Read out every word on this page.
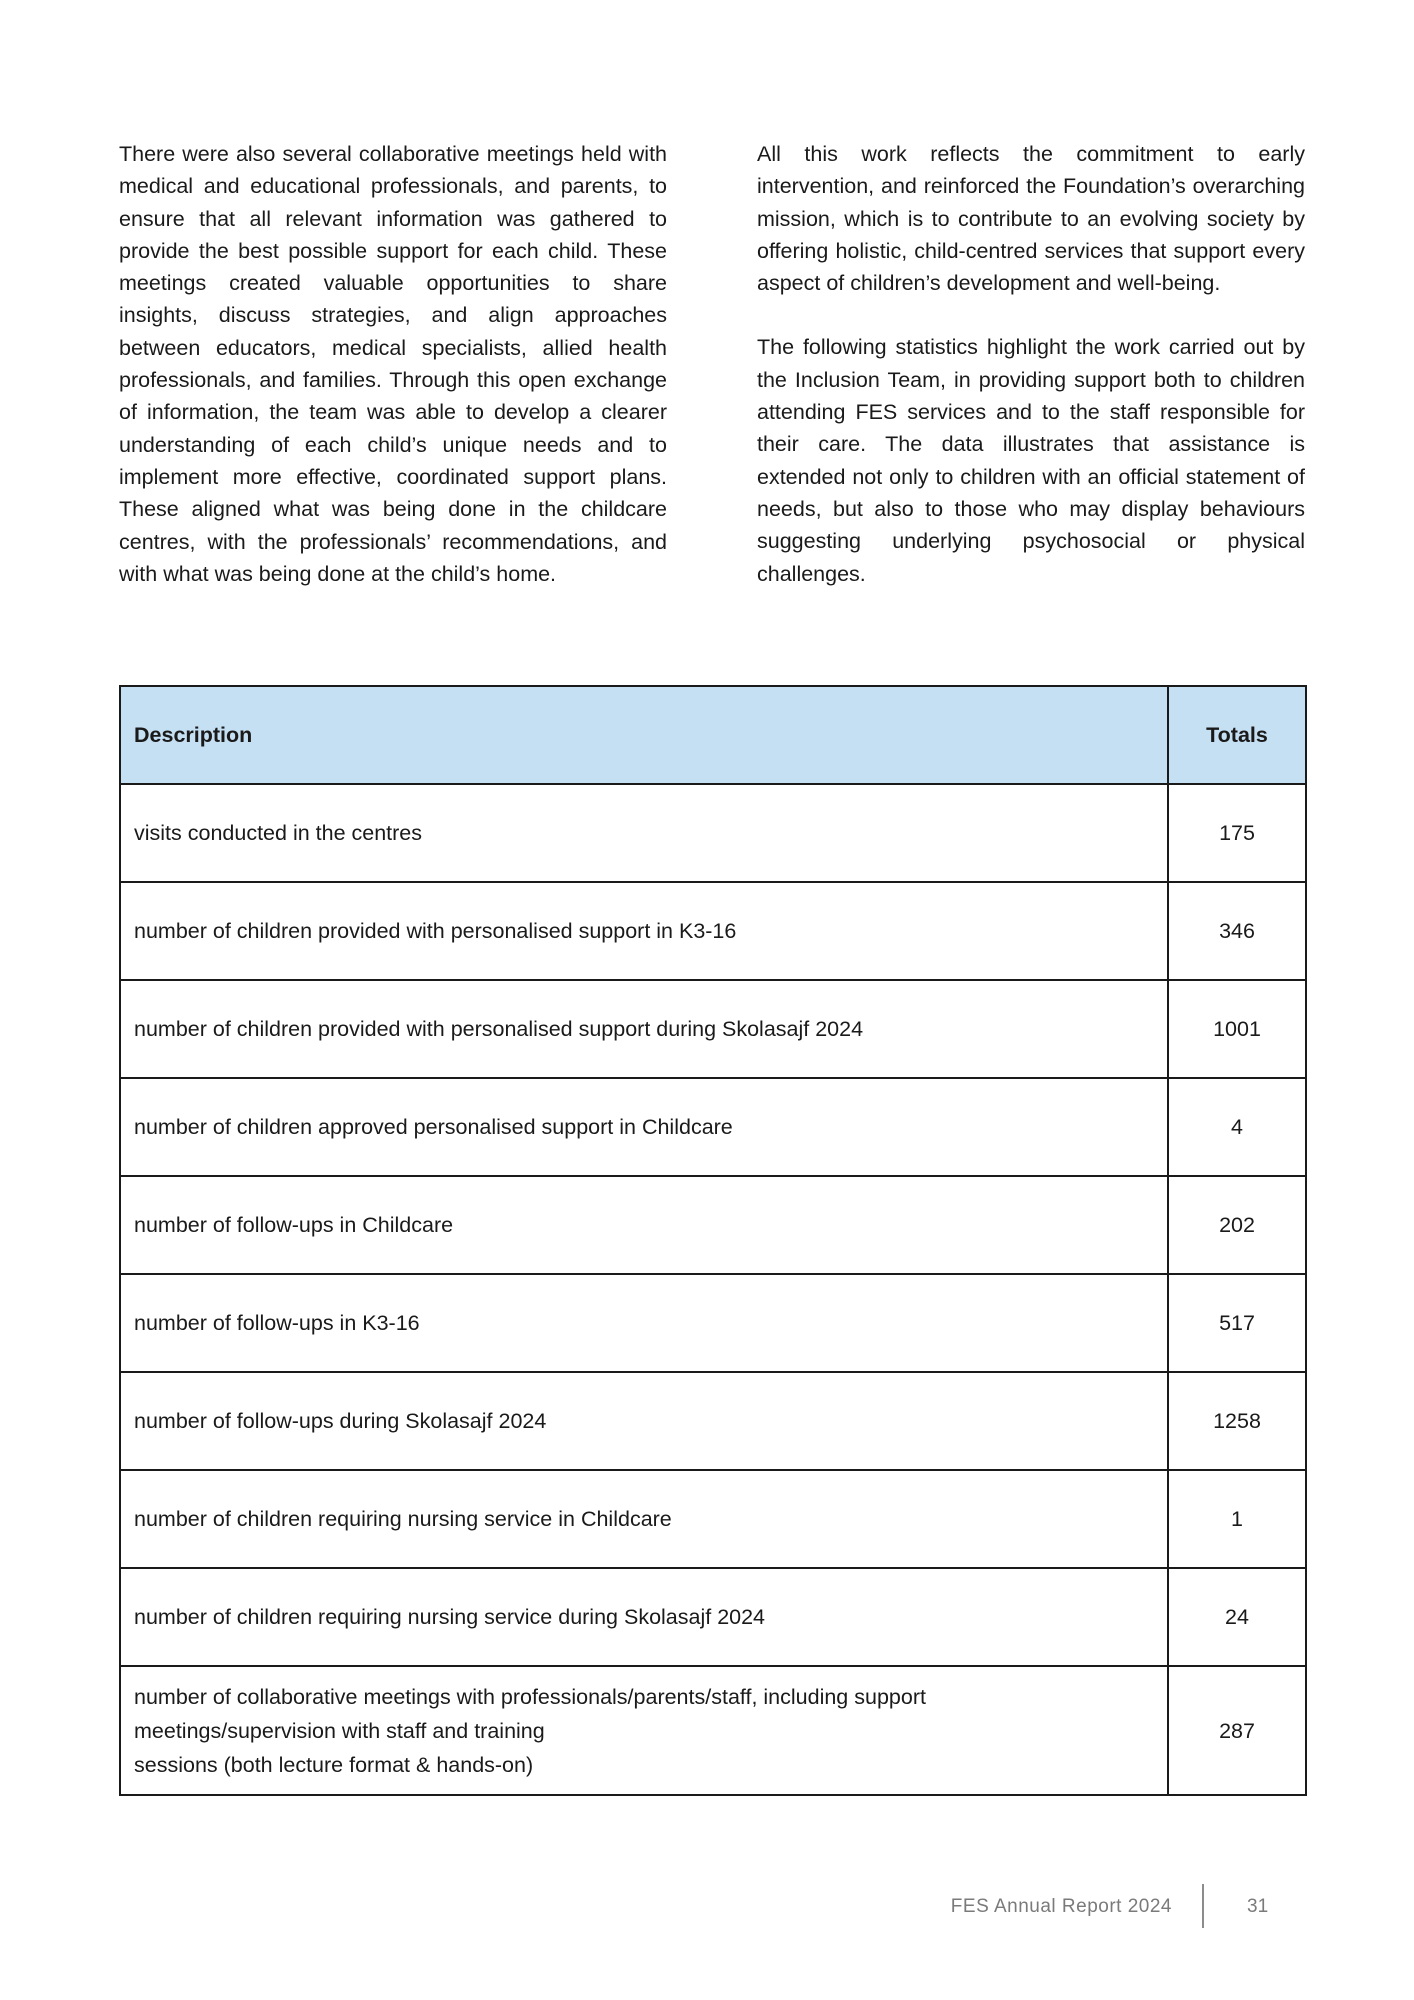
There were also several collaborative meetings held with medical and educational professionals, and parents, to ensure that all relevant information was gathered to provide the best possible support for each child. These meetings created valuable opportunities to share insights, discuss strategies, and align approaches between educators, medical specialists, allied health professionals, and families. Through this open exchange of information, the team was able to develop a clearer understanding of each child’s unique needs and to implement more effective, coordinated support plans. These aligned what was being done in the childcare centres, with the professionals’ recommendations, and with what was being done at the child’s home.

All this work reflects the commitment to early intervention, and reinforced the Foundation’s overarching mission, which is to contribute to an evolving society by offering holistic, child-centred services that support every aspect of children’s development and well-being.

The following statistics highlight the work carried out by the Inclusion Team, in providing support both to children attending FES services and to the staff responsible for their care. The data illustrates that assistance is extended not only to children with an official statement of needs, but also to those who may display behaviours suggesting underlying psychosocial or physical challenges.

Description	Totals
visits conducted in the centres	175
number of children provided with personalised support in K3-16	346
number of children provided with personalised support during Skolasajf 2024	1001
number of children approved personalised support in Childcare	4
number of follow-ups in Childcare	202
number of follow-ups in K3-16	517
number of follow-ups during Skolasajf 2024	1258
number of children requiring nursing service in Childcare	1
number of children requiring nursing service during Skolasajf 2024	24

number of collaborative meetings with professionals/parents/staff, including support
meetings/supervision with staff and training
sessions (both lecture format & hands-on)	287
FES Annual Report 2024	31
